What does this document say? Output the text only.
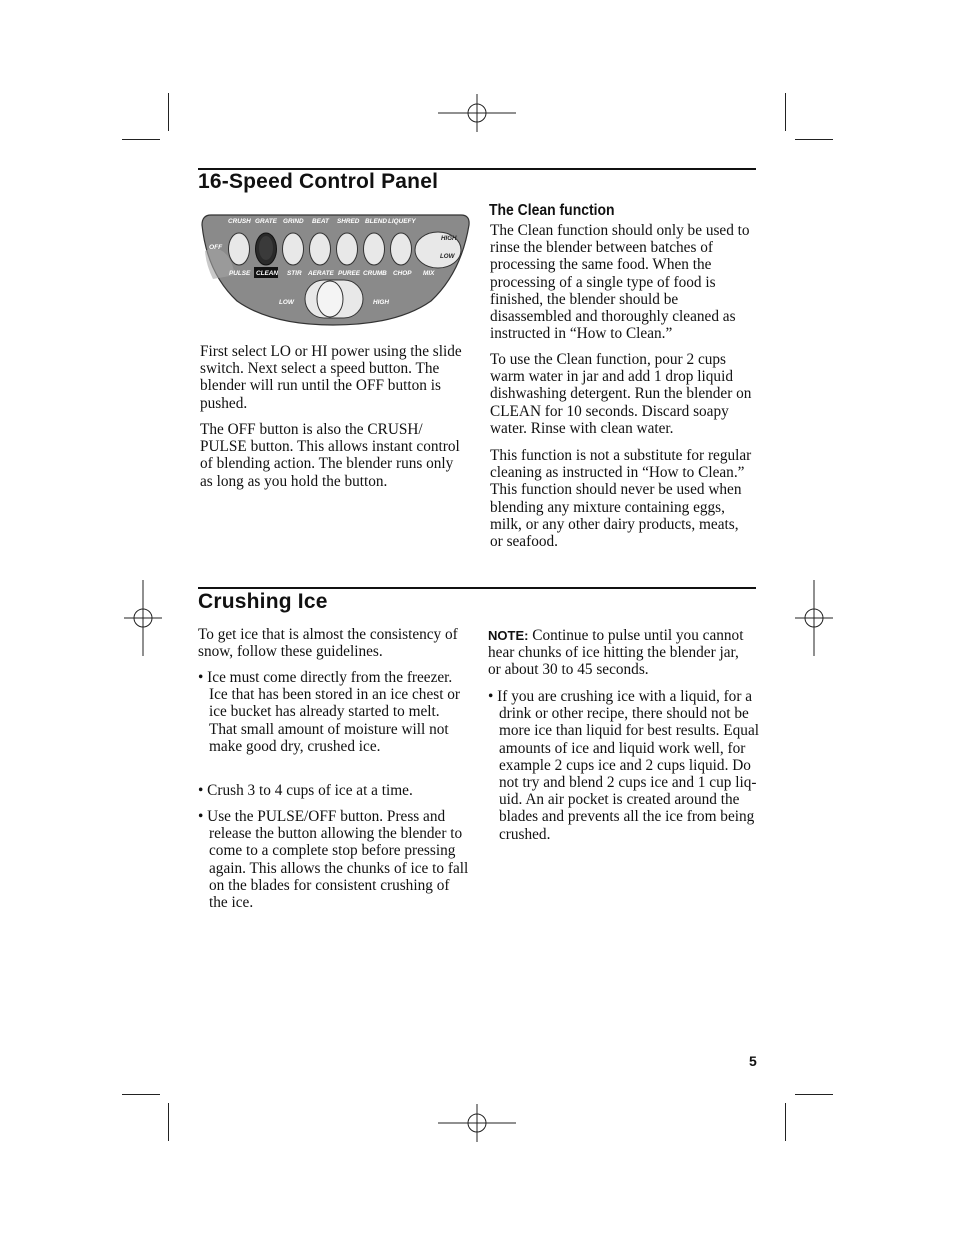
16-Speed Control Panel
CRUSH GRATE GRIND BEAT SHRED BLEND LIQUEFY
OFF
HIGH
LOW
PULSE CLEAN STIR AERATE PUREE CRUMB CHOP MIX
LOW	HIGH

First select LO or HI power using the slide switch. Next select a speed button. The blender will run until the OFF button is pushed.

The OFF button is also the CRUSH/ PULSE button. This allows instant control of blending action. The blender runs only as long as you hold the button.

The Clean function

The Clean function should only be used to rinse the blender between batches of processing the same food. When the processing of a single type of food is finished, the blender should be disassembled and thoroughly cleaned as instructed in “How to Clean.”

To use the Clean function, pour 2 cups warm water in jar and add 1 drop liquid dishwashing detergent. Run the blender on CLEAN for 10 seconds. Discard soapy water. Rinse with clean water.

This function is not a substitute for regular cleaning as instructed in “How to Clean.” This function should never be used when blending any mixture containing eggs, milk, or any other dairy products, meats, or seafood.

Crushing Ice

To get ice that is almost the consistency of snow, follow these guidelines.

• Ice must come directly from the freezer. Ice that has been stored in an ice chest or ice bucket has already started to melt. That small amount of moisture will not make good dry, crushed ice.

• Crush 3 to 4 cups of ice at a time.

• Use the PULSE/OFF button. Press and release the button allowing the blender to come to a complete stop before pressing again. This allows the chunks of ice to fall on the blades for consistent crushing of the ice.

NOTE: Continue to pulse until you cannot hear chunks of ice hitting the blender jar, or about 30 to 45 seconds.

• If you are crushing ice with a liquid, for a drink or other recipe, there should not be more ice than liquid for best results. Equal amounts of ice and liquid work well, for example 2 cups ice and 2 cups liquid. Do not try and blend 2 cups ice and 1 cup liq-uid. An air pocket is created around the blades and prevents all the ice from being crushed.

5
